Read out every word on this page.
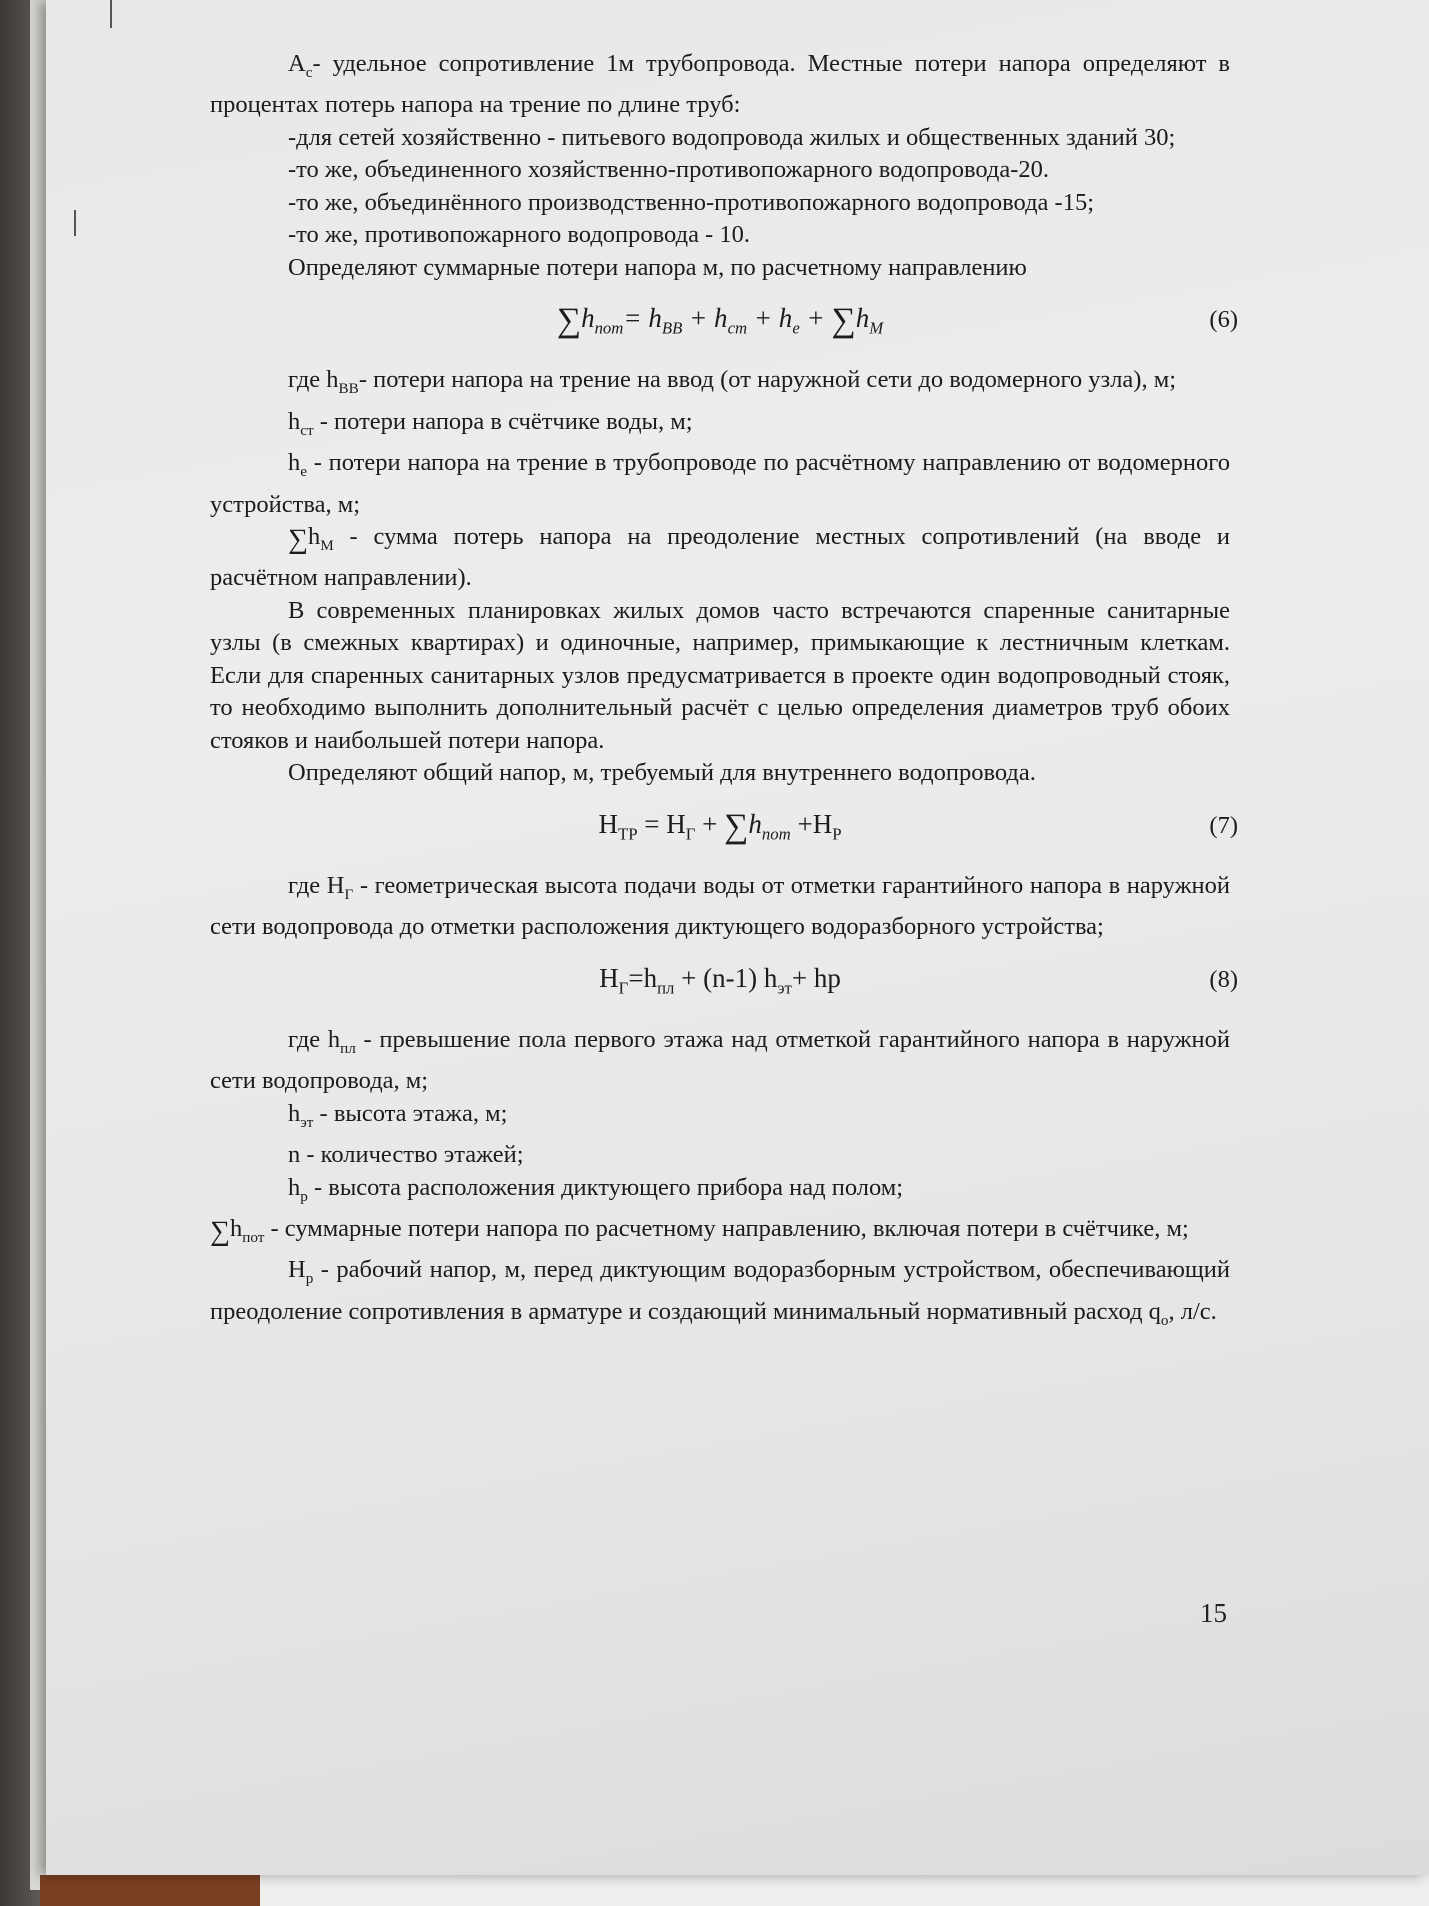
$A_c-$ удельное сопротивление 1м трубопровода. Местные потери напора определяют в процентах потерь напора на трение по длине труб:

-для сетей хозяйственно - питьевого водопровода жилых и общественных зданий 30;

-то же, объединенного хозяйственно-противопожарного водопровода-20.

-то же, объединённого производственно-противопожарного водопровода -15;

-то же, противопожарного водопровода - 10.

Определяют суммарные потери напора м, по расчетному направлению

$\sum h_{пот}= h_{BB} + h_{ст} + h_e + \sum h_M$	(6)

где $h_{BB}-$ потери напора на трение на ввод (от наружной сети до водомерного узла), м;

$h_{ст}$ - потери напора в счётчике воды, м;

$h_e$ - потери напора на трение в трубопроводе по расчётному направлению от водомерного устройства, м;

$\sum h_M$ - сумма потерь напора на преодоление местных сопротивлений (на вводе и расчётном направлении).

В современных планировках жилых домов часто встречаются спаренные санитарные узлы (в смежных квартирах) и одиночные, например, примыкающие к лестничным клеткам. Если для спаренных санитарных узлов предусматривается в проекте один водопроводный стояк, то необходимо выполнить дополнительный расчёт с целью определения диаметров труб обоих стояков и наибольшей потери напора.

Определяют общий напор, м, требуемый для внутреннего водопровода.

$H_{ТР} = H_Г + \sum h_{пот} +H_P$	(7)

где $H_Г$ - геометрическая высота подачи воды от отметки гарантийного напора в наружной сети водопровода до отметки расположения диктующего водоразборного устройства;

$H_Г=h_{пл} + (n-1)$ $h_{эт}+$ hp	(8)

где $h_{пл}$ - превышение пола первого этажа над отметкой гарантийного напора в наружной сети водопровода, м;

$h_{эт}$ - высота этажа, м;

n - количество этажей;

$h_p$ - высота расположения диктующего прибора над полом;

$\sum h_{пот}$ - суммарные потери напора по расчетному направлению, включая потери в счётчике, м;

$H_p$ - рабочий напор, м, перед диктующим водоразборным устройством, обеспечивающий преодоление сопротивления в арматуре и создающий минимальный нормативный расход $q_o$, л/с.

15
